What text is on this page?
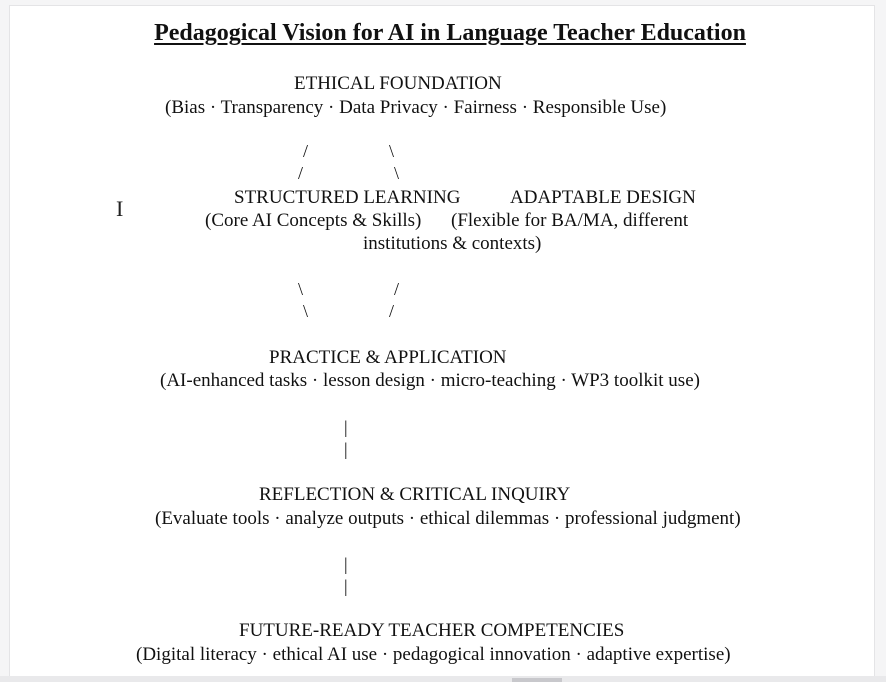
Pedagogical Vision for AI in Language Teacher Education
ETHICAL FOUNDATION
(Bias · Transparency · Data Privacy · Fairness · Responsible Use)
/
/
\
\
STRUCTURED LEARNING
(Core AI Concepts & Skills)
ADAPTABLE DESIGN
(Flexible for BA/MA, different
institutions & contexts)
\
\
/
/
PRACTICE & APPLICATION
(AI-enhanced tasks · lesson design · micro-teaching · WP3 toolkit use)
|
|
REFLECTION & CRITICAL INQUIRY
(Evaluate tools · analyze outputs · ethical dilemmas · professional judgment)
|
|
FUTURE-READY TEACHER COMPETENCIES
(Digital literacy · ethical AI use · pedagogical innovation · adaptive expertise)
I
